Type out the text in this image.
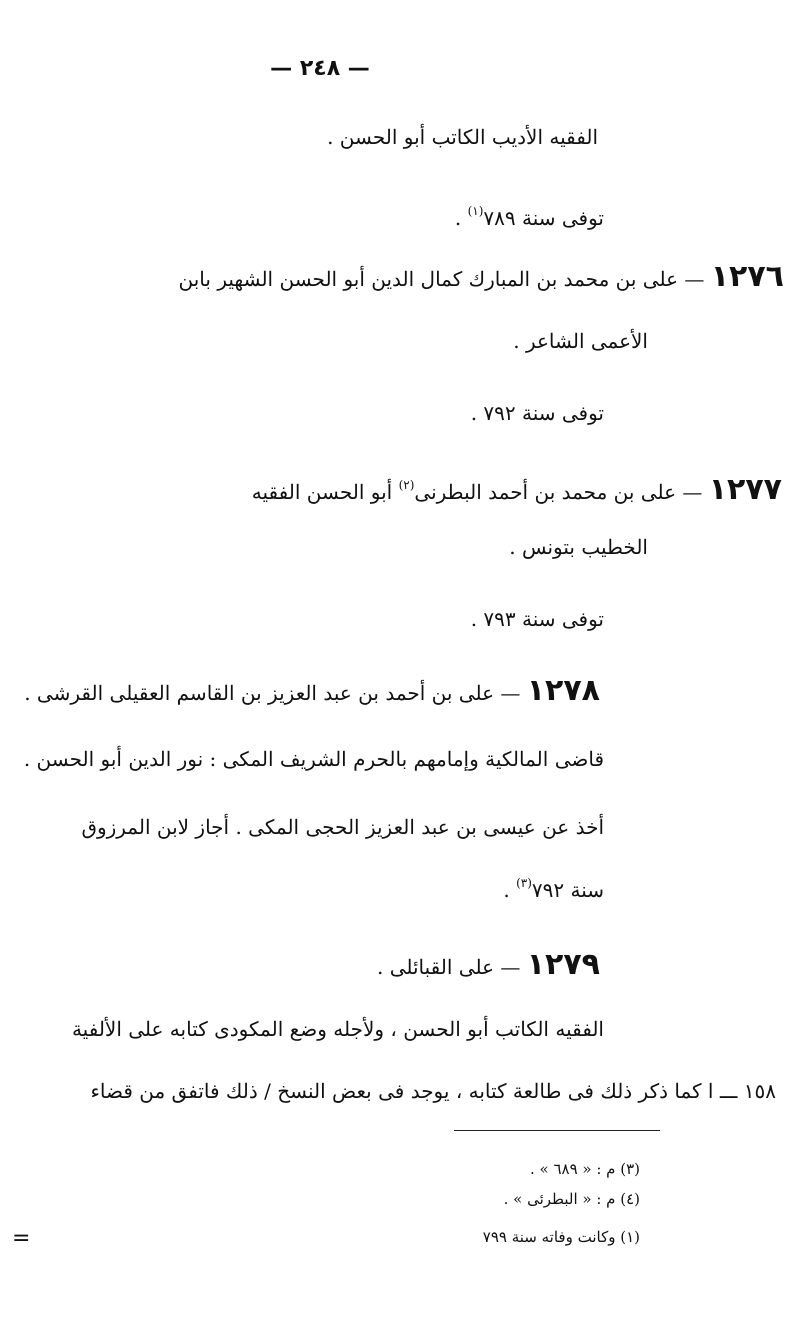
— ٢٤٨ —
الفقيه الأديب الكاتب أبو الحسن .
توفى سنة ٧٨٩$^{(١)}$ .
١٢٧٦ — على بن محمد بن المبارك كمال الدين أبو الحسن الشهير بابن
الأعمى الشاعر .
توفى سنة ٧٩٢ .
١٢٧٧ — على بن محمد بن أحمد البطرنى$^{(٢)}$ أبو الحسن الفقيه
الخطيب بتونس .
توفى سنة ٧٩٣ .
١٢٧٨ — على بن أحمد بن عبد العزيز بن القاسم العقيلى القرشى .
قاضى المالكية وإمامهم بالحرم الشريف المكى : نور الدين أبو الحسن .
أخذ عن عيسى بن عبد العزيز الحجى المكى . أجاز لابن المرزوق
سنة ٧٩٢$^{(٣)}$ .
١٢٧٩ — على القبائلى .
الفقيه الكاتب أبو الحسن ، ولأجله وضع المكودى كتابه على الألفية
١٥٨ ـــ ا كما ذكر ذلك فى طالعة كتابه ، يوجد فى بعض النسخ / ذلك فاتفق من قضاء
(٣) م : « ٦٨٩ » .
(٤) م : « البطرئى » .
(١) وكانت وفاته سنة ٧٩٩
=
